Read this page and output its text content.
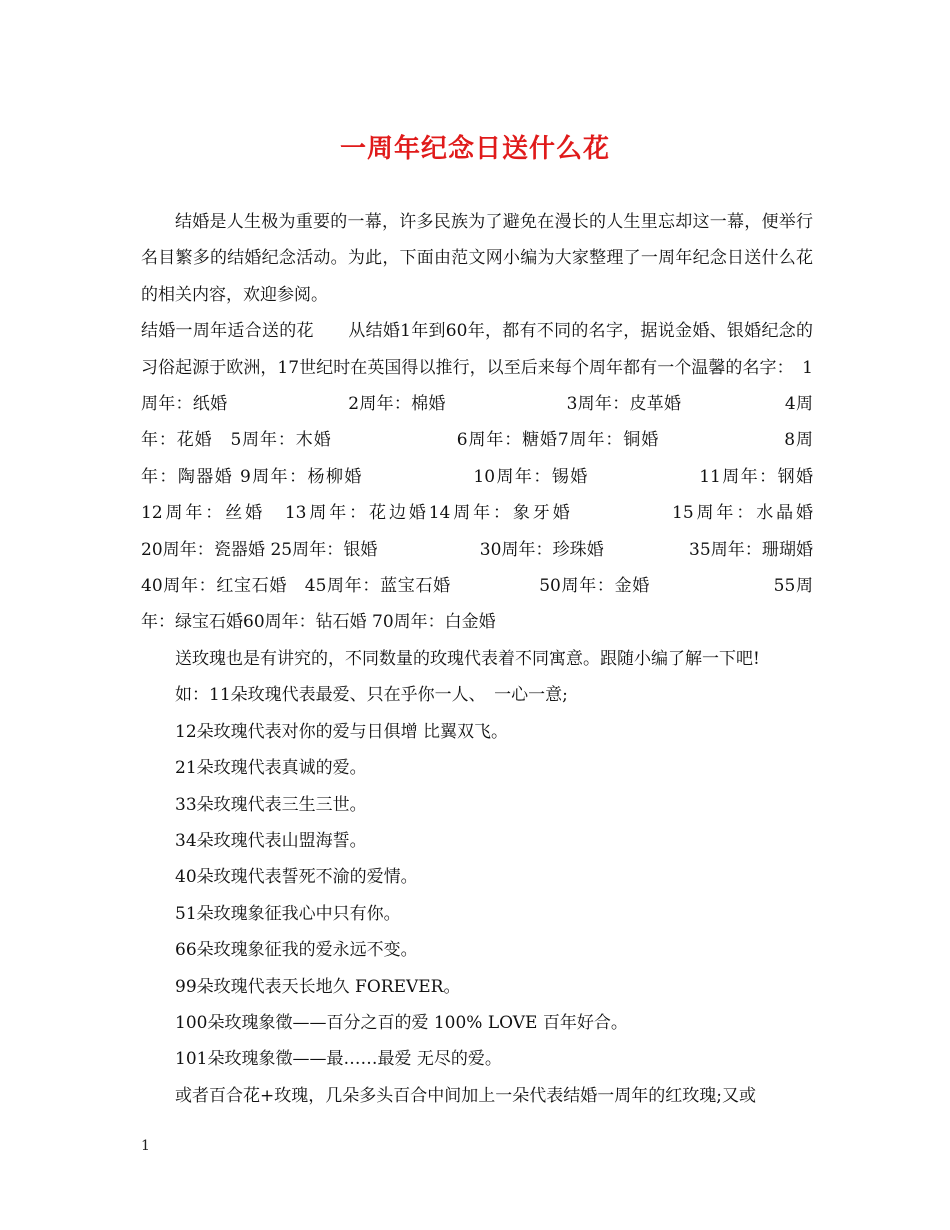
一周年纪念日送什么花

结婚是人生极为重要的一幕，许多民族为了避免在漫长的人生里忘却这一幕，便举行名目繁多的结婚纪念活动。为此，下面由范文网小编为大家整理了一周年纪念日送什么花的相关内容，欢迎参阅。

结婚一周年适合送的花　　从结婚1年到60年，都有不同的名字，据说金婚、银婚纪念的习俗起源于欧洲，17世纪时在英国得以推行，以至后来每个周年都有一个温馨的名字：　1周年：纸婚　　　　　　　2周年：棉婚　　　　　　　3周年：皮革婚　　　　　　4周年：花婚　5周年：木婚　　　　　　　6周年：糖婚7周年：铜婚　　　　　　　8周年：陶器婚 9周年：杨柳婚　　　　　　10周年：锡婚　　　　　　11周年：钢婚　　　　　　12周年：丝婚　13周年：花边婚14周年：象牙婚　　　　　15周年：水晶婚　　　　　20周年：瓷器婚 25周年：银婚　　　　　　30周年：珍珠婚　　　　　35周年：珊瑚婚　　　　　40周年：红宝石婚　45周年：蓝宝石婚　　　　　50周年：金婚　　　　　　　55周年：绿宝石婚60周年：钻石婚 70周年：白金婚

送玫瑰也是有讲究的，不同数量的玫瑰代表着不同寓意。跟随小编了解一下吧!
如：11朵玫瑰代表最爱、只在乎你一人、　一心一意;
12朵玫瑰代表对你的爱与日俱增 比翼双飞。
21朵玫瑰代表真诚的爱。
33朵玫瑰代表三生三世。
34朵玫瑰代表山盟海誓。
40朵玫瑰代表誓死不渝的爱情。
51朵玫瑰象征我心中只有你。
66朵玫瑰象征我的爱永远不变。
99朵玫瑰代表天长地久 FOREVER。
100朵玫瑰象徵——百分之百的爱 100% LOVE 百年好合。
101朵玫瑰象徵——最……最爱 无尽的爱。
或者百合花+玫瑰，几朵多头百合中间加上一朵代表结婚一周年的红玫瑰;又或
1
